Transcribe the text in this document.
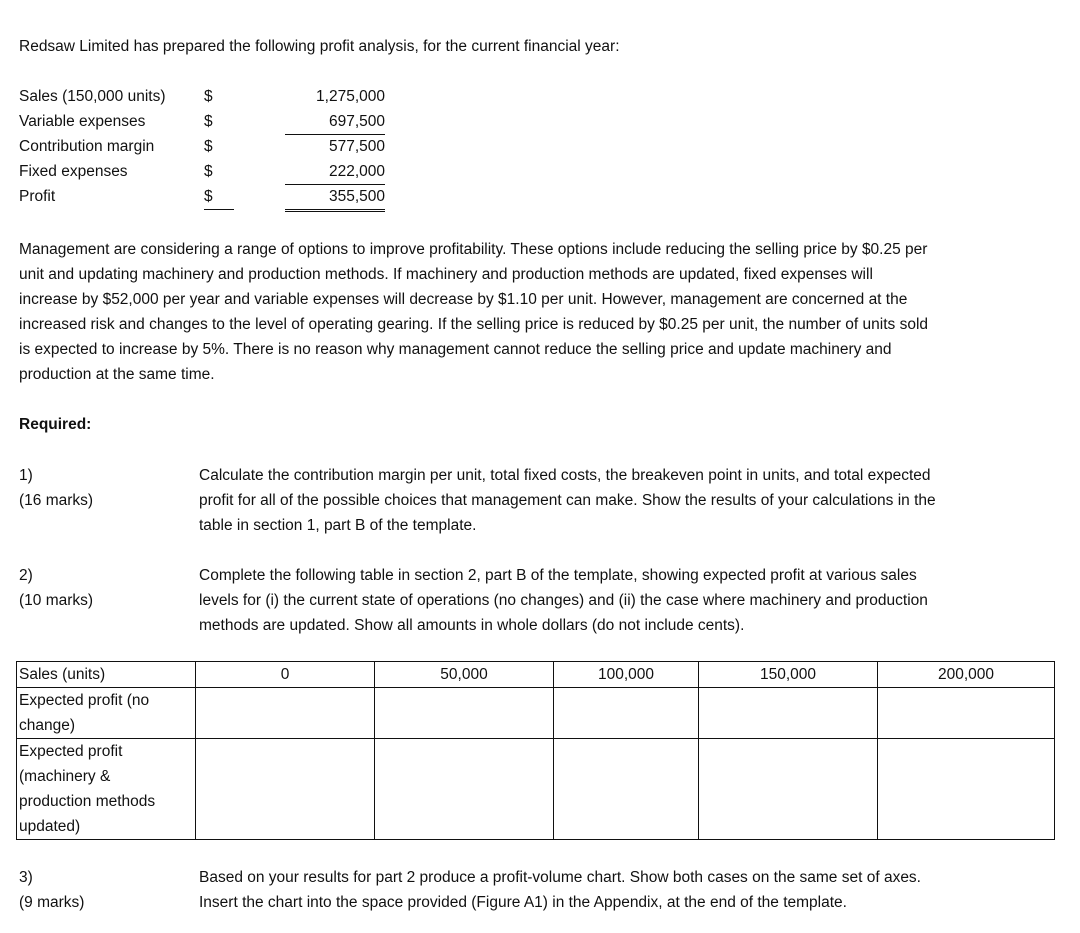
Redsaw Limited has prepared the following profit analysis, for the current financial year:
Sales (150,000 units) $	1,275,000
Variable expenses	$	697,500
Contribution margin	$	577,500
Fixed expenses	$	222,000
Profit	$	355,500
Management are considering a range of options to improve profitability. These options include reducing the selling price by $0.25 per
unit and updating machinery and production methods. If machinery and production methods are updated, fixed expenses will
increase by $52,000 per year and variable expenses will decrease by $1.10 per unit. However, management are concerned at the
increased risk and changes to the level of operating gearing. If the selling price is reduced by $0.25 per unit, the number of units sold
is expected to increase by 5%. There is no reason why management cannot reduce the selling price and update machinery and
production at the same time.
Required:
1)
(16 marks)
Calculate the contribution margin per unit, total fixed costs, the breakeven point in units, and total expected
profit for all of the possible choices that management can make. Show the results of your calculations in the
table in section 1, part B of the template.
2)
(10 marks)
Complete the following table in section 2, part B of the template, showing expected profit at various sales
levels for (i) the current state of operations (no changes) and (ii) the case where machinery and production
methods are updated. Show all amounts in whole dollars (do not include cents).
Sales (units)	0	50,000	100,000	150,000	200,000

Expected profit (no
change)					

Expected profit
(machinery &
production methods
updated)					

3)
(9 marks)
Based on your results for part 2 produce a profit-volume chart. Show both cases on the same set of axes.
Insert the chart into the space provided (Figure A1) in the Appendix, at the end of the template.
